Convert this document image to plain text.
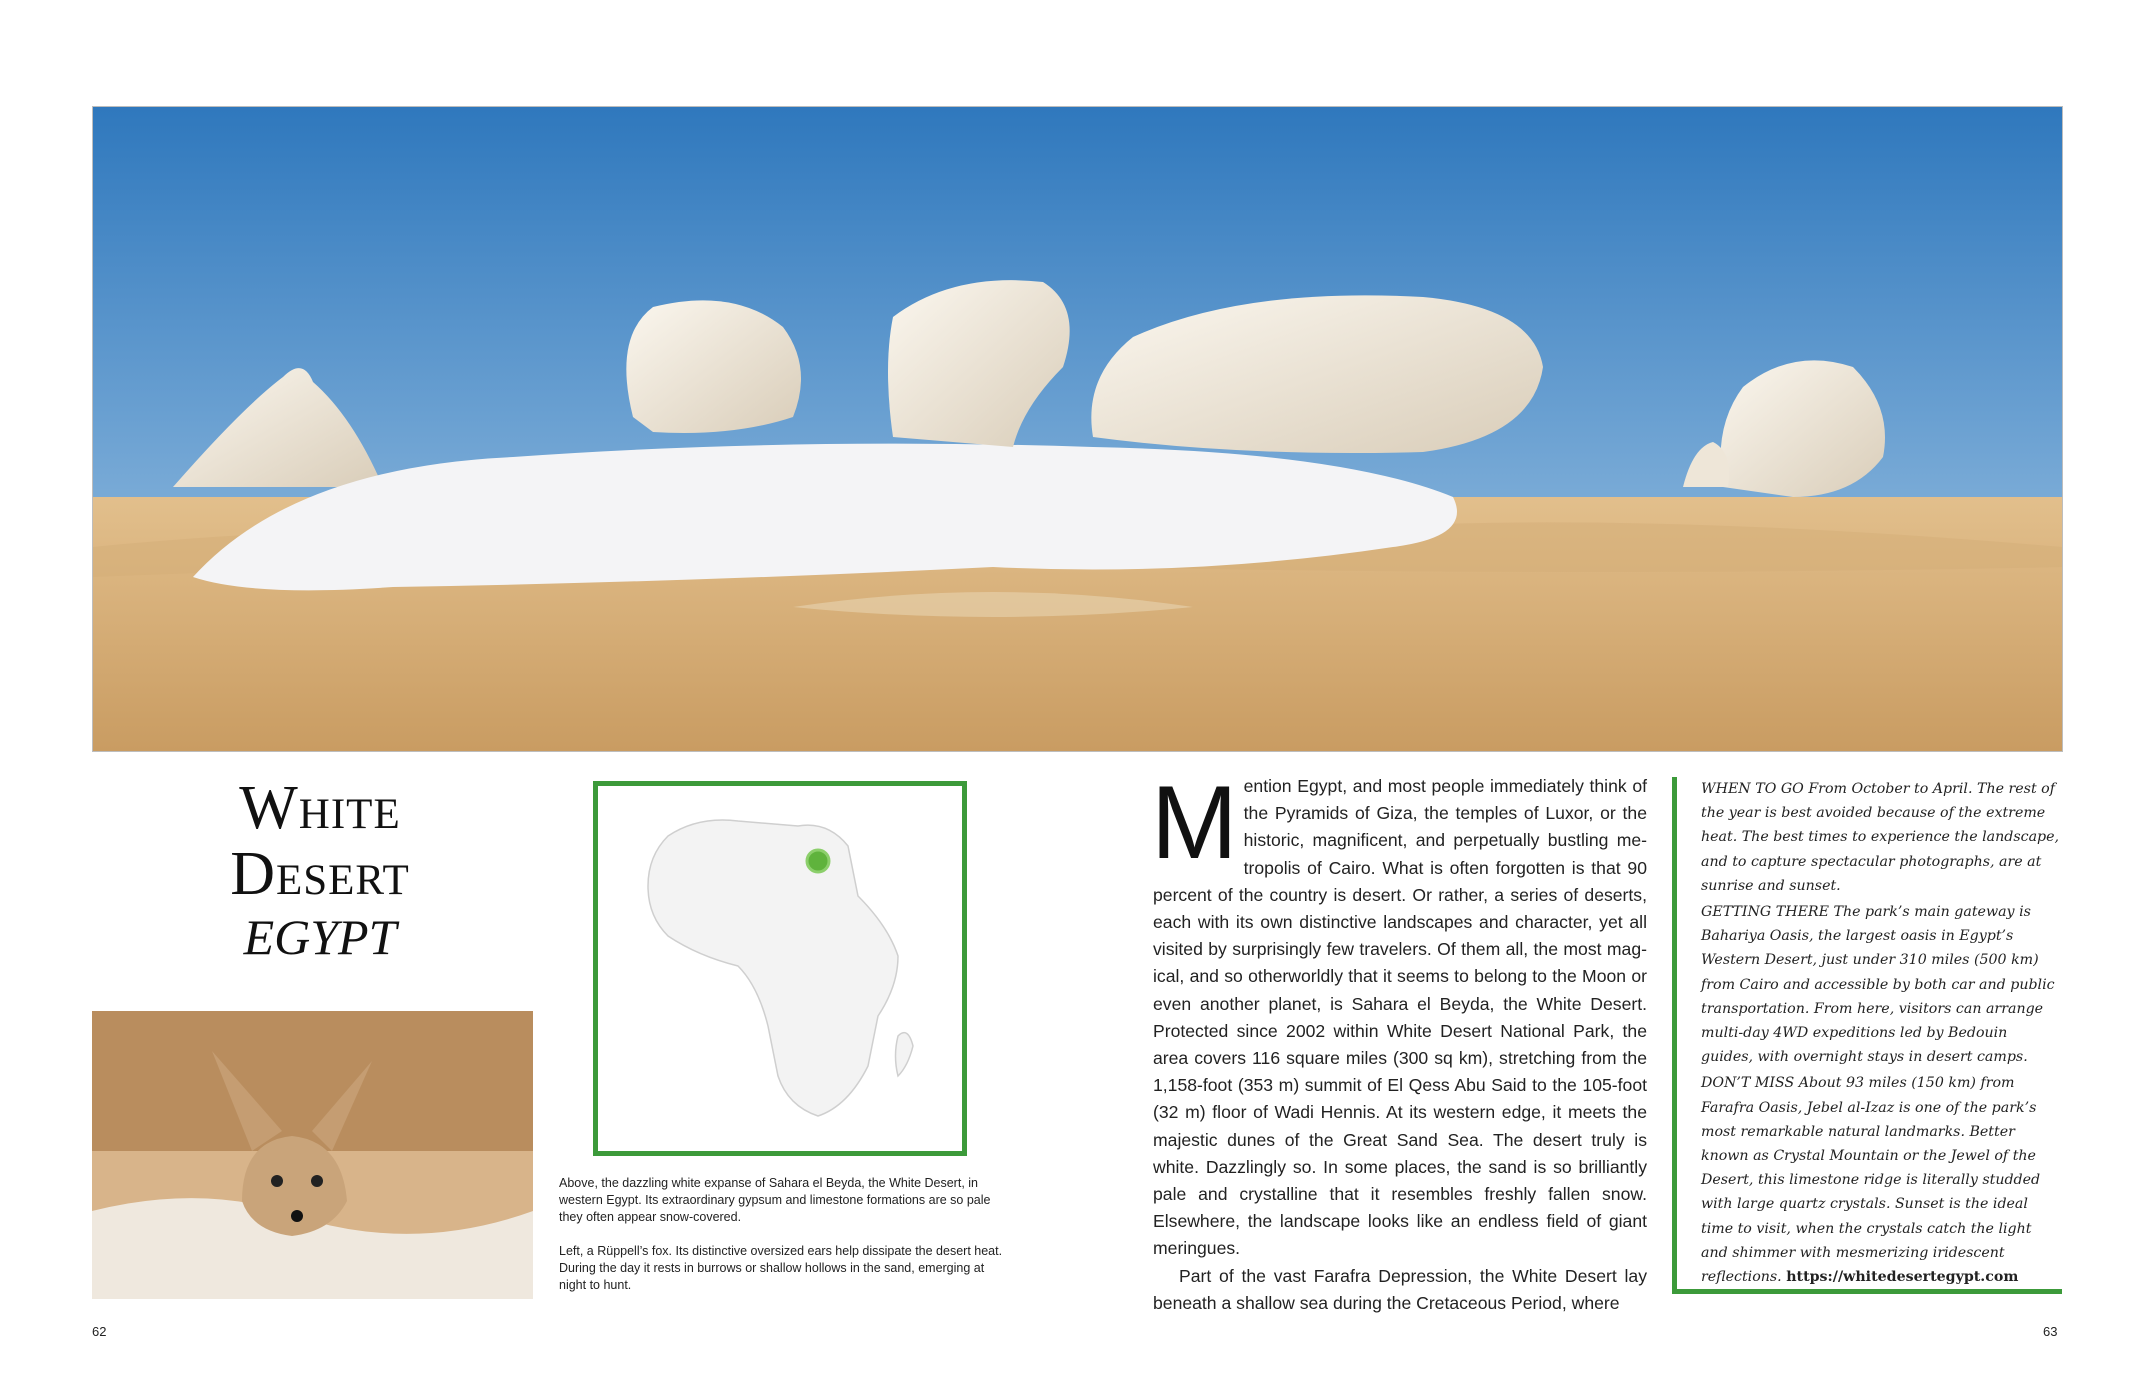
White
Desert
EGYPT

Above, the dazzling white expanse of Sahara el Beyda, the White Desert, in western Egypt. Its extraordinary gypsum and limestone formations are so pale they often appear snow-covered.

Left, a Rüppell’s fox. Its distinctive oversized ears help dissipate the desert heat. During the day it rests in burrows or shallow hollows in the sand, emerging at night to hunt.

Mention Egypt, and most people immediately think of the Pyramids of Giza, the temples of Luxor, or the historic, magnificent, and perpetually bustling me-tropolis of Cairo. What is often forgotten is that 90 percent of the country is desert. Or rather, a series of deserts, each with its own distinctive landscapes and character, yet all visited by surprisingly few travelers. Of them all, the most mag-ical, and so otherworldly that it seems to belong to the Moon or even another planet, is Sahara el Beyda, the White Desert. Protected since 2002 within White Desert National Park, the area covers 116 square miles (300 sq km), stretching from the 1,158-foot (353 m) summit of El Qess Abu Said to the 105-foot (32 m) floor of Wadi Hennis. At its western edge, it meets the majestic dunes of the Great Sand Sea. The desert truly is white. Dazzlingly so. In some places, the sand is so brilliantly pale and crystalline that it resembles freshly fallen snow. Elsewhere, the landscape looks like an endless field of giant meringues.

Part of the vast Farafra Depression, the White Desert lay beneath a shallow sea during the Cretaceous Period, where

WHEN TO GO From October to April. The rest of the year is best avoided because of the extreme heat. The best times to experience the landscape, and to capture spectacular photographs, are at sunrise and sunset.

GETTING THERE The park’s main gateway is Bahariya Oasis, the largest oasis in Egypt’s Western Desert, just under 310 miles (500 km) from Cairo and accessible by both car and public transportation. From here, visitors can arrange multi-day 4WD expeditions led by Bedouin guides, with overnight stays in desert camps.

DON’T MISS About 93 miles (150 km) from Farafra Oasis, Jebel al-Izaz is one of the park’s most remarkable natural landmarks. Better known as Crystal Mountain or the Jewel of the Desert, this limestone ridge is literally studded with large quartz crystals. Sunset is the ideal time to visit, when the crystals catch the light and shimmer with mesmerizing iridescent reflections. https://whitedesertegypt.com

62	63
